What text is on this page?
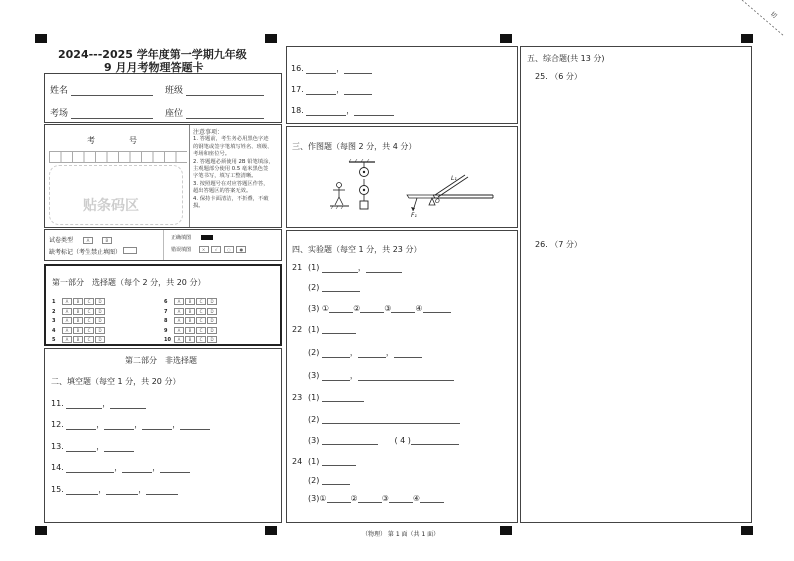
切
2024---2025 学年度第一学期九年级
9 月月考物理答题卡
姓名	班级
考场	座位
考	号
贴条码区
注意事项：
1. 答题前，考生务必用黑色字迹
的钢笔或签字笔填写姓名、班级、
考场和座位号。
2. 答题题必须使用 2B 铅笔填涂，
主观题部分使用 0.5 毫米黑色签
字笔书写，填写工整清晰。
3. 按照题号在对应答题区作答，
超出答题区的答案无效。
4. 保持卡面清洁，不折叠，不破
损。
试卷类型	A	B
缺考标记（考生禁止填图）
正确填图
错误填图	× √ ○ ●
第一部分　选择题（每个 2 分，共 20 分）
1	A B C D
2	A B C D
3	A B C D
4	A B C D
5	A B C D
6	A B C D
7	A B C D
8	A B C D
9	A B C D
10 A B C D
第二部分　非选择题
二、填空题（每空 1 分，共 20 分）
11.	，
12.	，	，	，
13.	，
14.	，	，
15.	，	，
16.	，
17.	，
18.	，
三、作图题（每图 2 分，共 4 分）
L₁
O
F₁
四、实验题（每空 1 分，共 23 分）
21 (1)	，
(2)
(3) ①	②	③	④
22 (1)
(2)	，	，
(3)	，
23 (1)
(2)
(3)	( 4 )
24 (1)
(2)
(3)①	②	③	④
五、综合题(共 13 分)
25. （6 分）
26. （7 分）
（物理） 第 1 面（共 1 面）
